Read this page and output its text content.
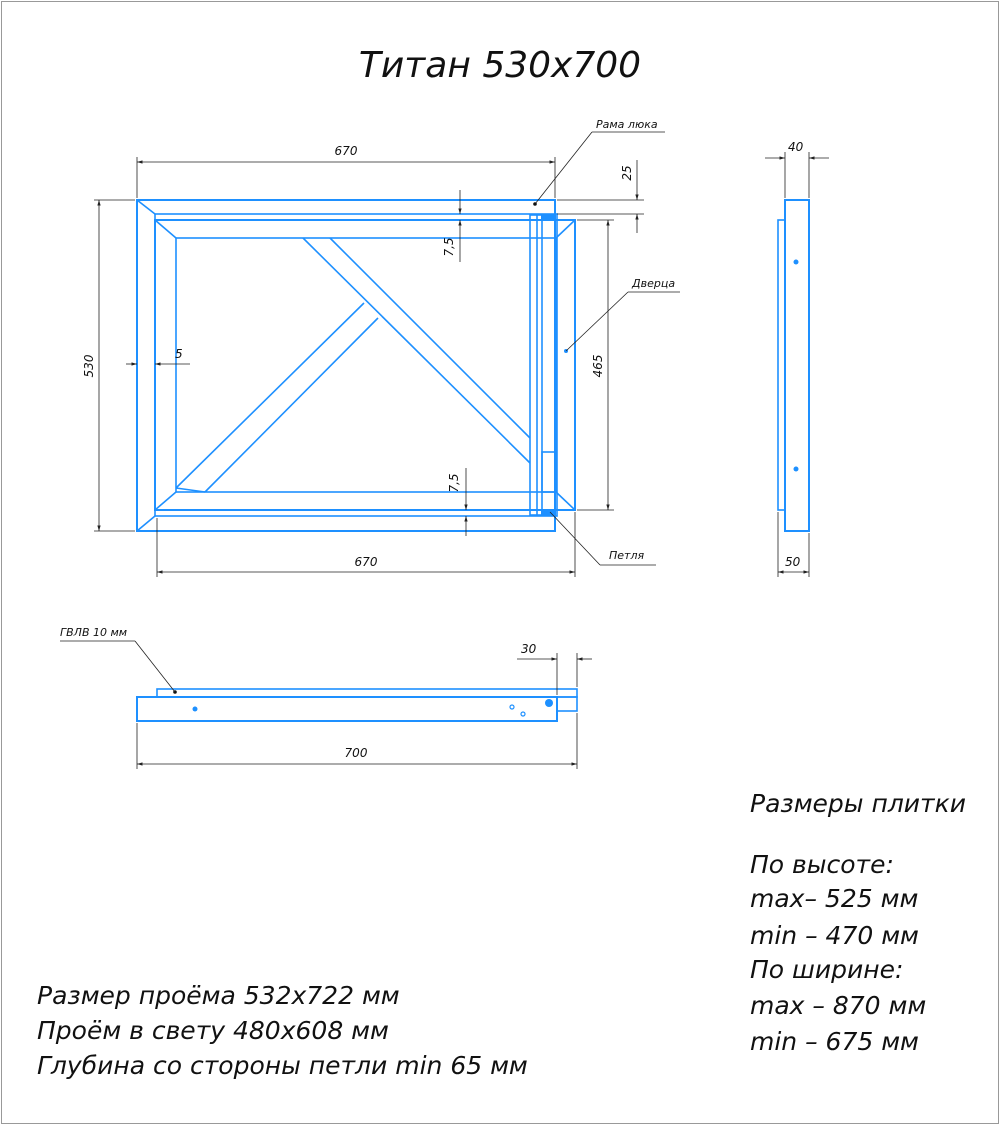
Титан 530х700
670
670
530	465
25
7,5
7,5
5
Рама люка
Дверца
Петля
40
50
ГВЛВ 10 мм
30
700
Размеры плитки
По высоте:
max– 525 мм
min – 470 мм
По ширине:
max – 870 мм
min – 675 мм
Размер проёма 532х722 мм
Проём в свету 480х608 мм
Глубина со стороны петли min 65 мм
